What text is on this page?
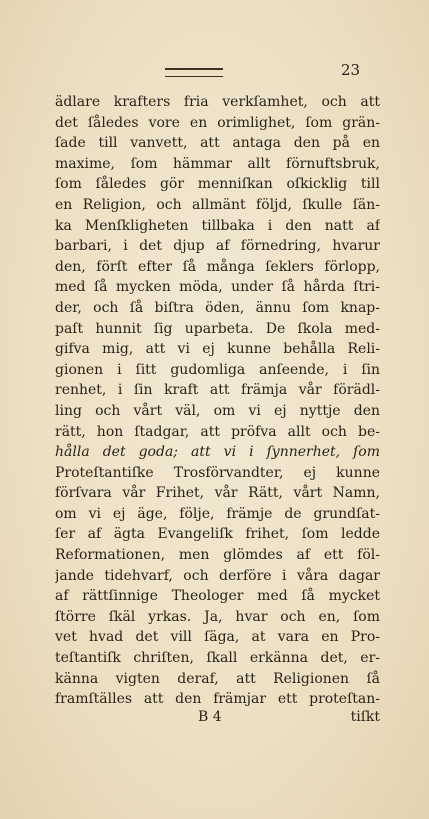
23
ädlare krafters fria verkſamhet, och att
det ſåledes vore en orimlighet, ſom grän-
ſade till vanvett, att antaga den på en
maxime, ſom hämmar allt förnuftsbruk,
ſom ſåledes gör menniſkan oſkicklig till
en Religion, och allmänt följd, ſkulle ſän-
ka Menſkligheten tillbaka i den natt af
barbari, i det djup af förnedring, hvarur
den, förſt efter ſå många ſeklers förlopp,
med ſå mycken möda, under ſå hårda ſtri-
der, och ſå biſtra öden, ännu ſom knap-
paſt hunnit ſig uparbeta. De ſkola med-
gifva mig, att vi ej kunne behålla Reli-
gionen i ſitt gudomliga anſeende, i ſin
renhet, i ſin kraft att främja vår förädl-
ling och vårt väl, om vi ej nyttje den
rätt, hon ſtadgar, att pröfva allt och be-
hålla det goda; att vi i ſynnerhet, ſom
Proteſtantiſke Trosförvandter, ej kunne
förſvara vår Frihet, vår Rätt, vårt Namn,
om vi ej äge, följe, främje de grundſat-
ſer af ägta Evangeliſk frihet, ſom ledde
Reformationen, men glömdes af ett föl-
jande tidehvarf, och derföre i våra dagar
af rättſinnige Theologer med ſå mycket
ſtörre ſkäl yrkas. Ja, hvar och en, ſom
vet hvad det vill ſäga, at vara en Pro-
teſtantiſk chriſten, ſkall erkänna det, er-
känna vigten deraf, att Religionen ſå
framſtälles att den främjar ett proteſtan-
B 4	tiſkt
